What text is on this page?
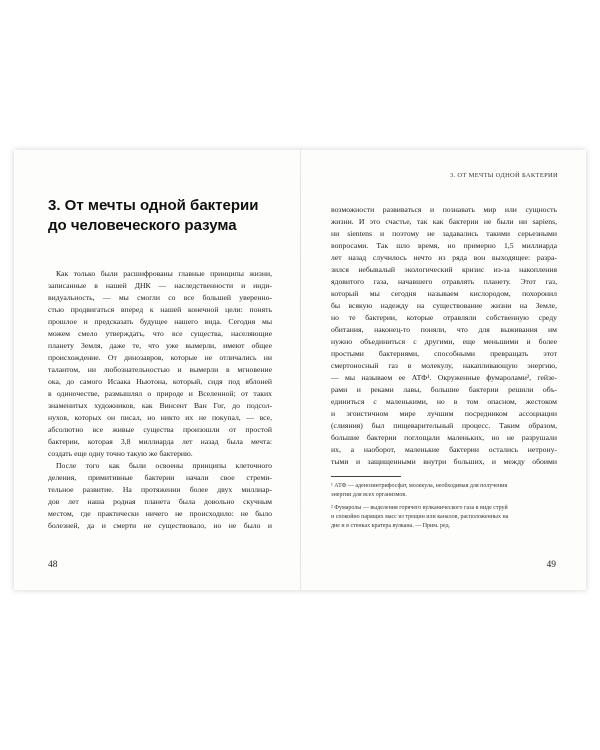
3. От мечты одной бактерии
до человеческого разума
Как только были расшифрованы главные принципы жизни,
записанные в нашей ДНК — наследственности и инди-
видуальность, — мы смогли со все большей уверенно-
стью продвигаться вперед к нашей конечной цели: понять
прошлое и предсказать будущее нашего вида. Сегодня мы
можем смело утверждать, что все существа, населяющие
планету Земля, даже те, что уже вымерли, имеют общее
происхождение. От динозавров, которые не отличались ни
талантом, ни любознательностью и вымерли в мгновение
ока, до самого Исаака Ньютона, который, сидя под яблоней
в одиночестве, размышлял о природе и Вселенной; от таких
знаменитых художников, как Винсент Ван Гог, до подсол-
нухов, которых он писал, но никто их не покупал, — все,
абсолютно все живые существа произошли от простой
бактерии, которая 3,8 миллиарда лет назад была мечта:
создать еще одну точно такую же бактерию.
После того как были освоены принципы клеточного
деления, примитивные бактерии начали свое стреми-
тельное развитие. На протяжении более двух миллиар-
дов лет наша родная планета была довольно скучным
местом, где практически ничего не происходило: не было
болезней, да и смерти не существовало, но не было и
48
3. ОТ МЕЧТЫ ОДНОЙ БАКТЕРИИ
возможности развиваться и познавать мир или сущность
жизни. И это счастье, так как бактерии не были ни sapiens,
ни sientens и поэтому не задавались такими серьезными
вопросами. Так шло время, но примерно 1,5 миллиарда
лет назад случилось нечто из ряда вон выходящее: разра-
зился небывалый экологический кризис из-за накопления
ядовитого газа, начавшего отравлять планету. Этот газ,
который мы сегодня называем кислородом, похоронил
бы всякую надежду на существование жизни на Земле,
но те бактерии, которые отравляли собственную среду
обитания, наконец-то поняли, что для выживания им
нужно объединиться с другими, еще меньшими и более
простыми бактериями, способными превращать этот
смертоносный газ в молекулу, накапливающую энергию,
— мы называем ее АТФ¹. Окруженные фумаролами², гейзе-
рами и реками лавы, большие бактерии решили объ-
единиться с маленькими, но в том опасном, жестоком
и эгоистичном мире лучшим посредником ассоциации
(слияния) был пищеварительный процесс. Таким образом,
большие бактерии поглощали маленьких, но не разрушали
их, а наоборот, маленькие бактерии остались нетрону-
тыми и защищенными внутри больших, и между обоими
¹ АТФ — аденозинтрифосфат, молекула, необходимая для получения
энергии для всех организмов.
² Фумаролы — выделения горячего вулканического газа в виде струй
и спокойно парящих масс из трещин или каналов, расположенных на
дне и в стенках кратера вулкана. — Прим. ред.
49
